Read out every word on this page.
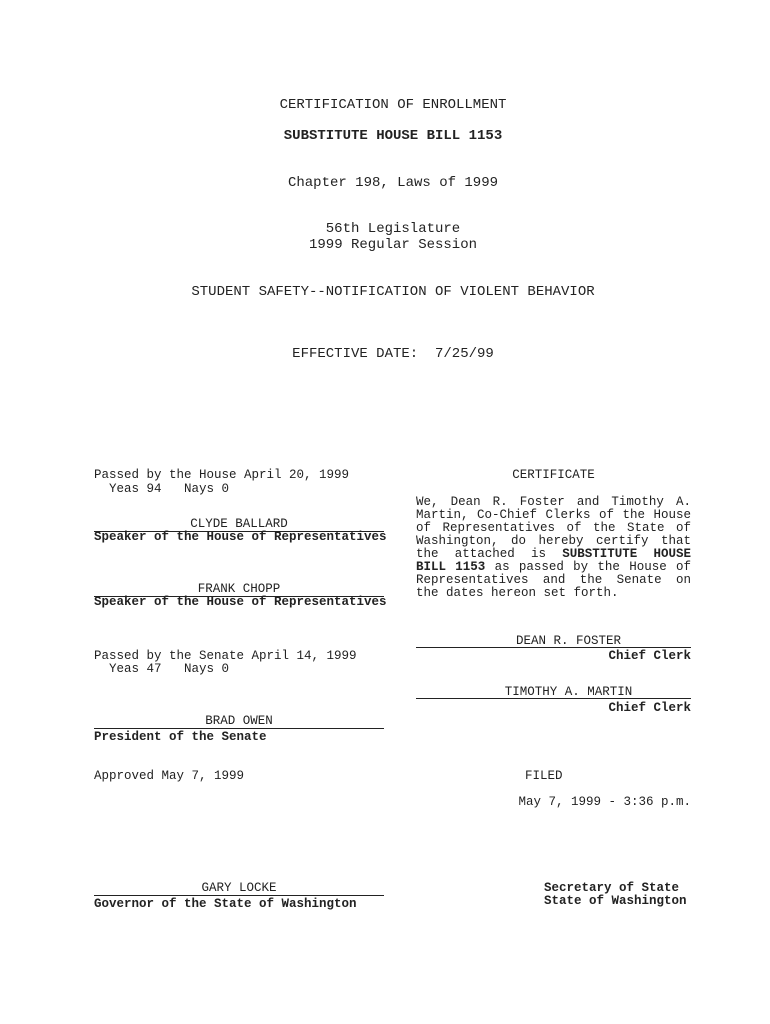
CERTIFICATION OF ENROLLMENT
SUBSTITUTE HOUSE BILL 1153
Chapter 198, Laws of 1999
56th Legislature
1999 Regular Session
STUDENT SAFETY--NOTIFICATION OF VIOLENT BEHAVIOR
EFFECTIVE DATE:  7/25/99
Passed by the House April 20, 1999
Yeas 94   Nays 0
CLYDE BALLARD
Speaker of the House of Representatives
FRANK CHOPP
Speaker of the House of Representatives
Passed by the Senate April 14, 1999
Yeas 47   Nays 0
BRAD OWEN
President of the Senate
Approved May 7, 1999
GARY LOCKE
Governor of the State of Washington
CERTIFICATE
We, Dean R. Foster and Timothy A. Martin, Co-Chief Clerks of the House of Representatives of the State of Washington, do hereby certify that the attached is SUBSTITUTE HOUSE BILL 1153 as passed by the House of Representatives and the Senate on the dates hereon set forth.
DEAN R. FOSTER
Chief Clerk
TIMOTHY A. MARTIN
Chief Clerk
FILED
May 7, 1999 - 3:36 p.m.
Secretary of State
State of Washington
